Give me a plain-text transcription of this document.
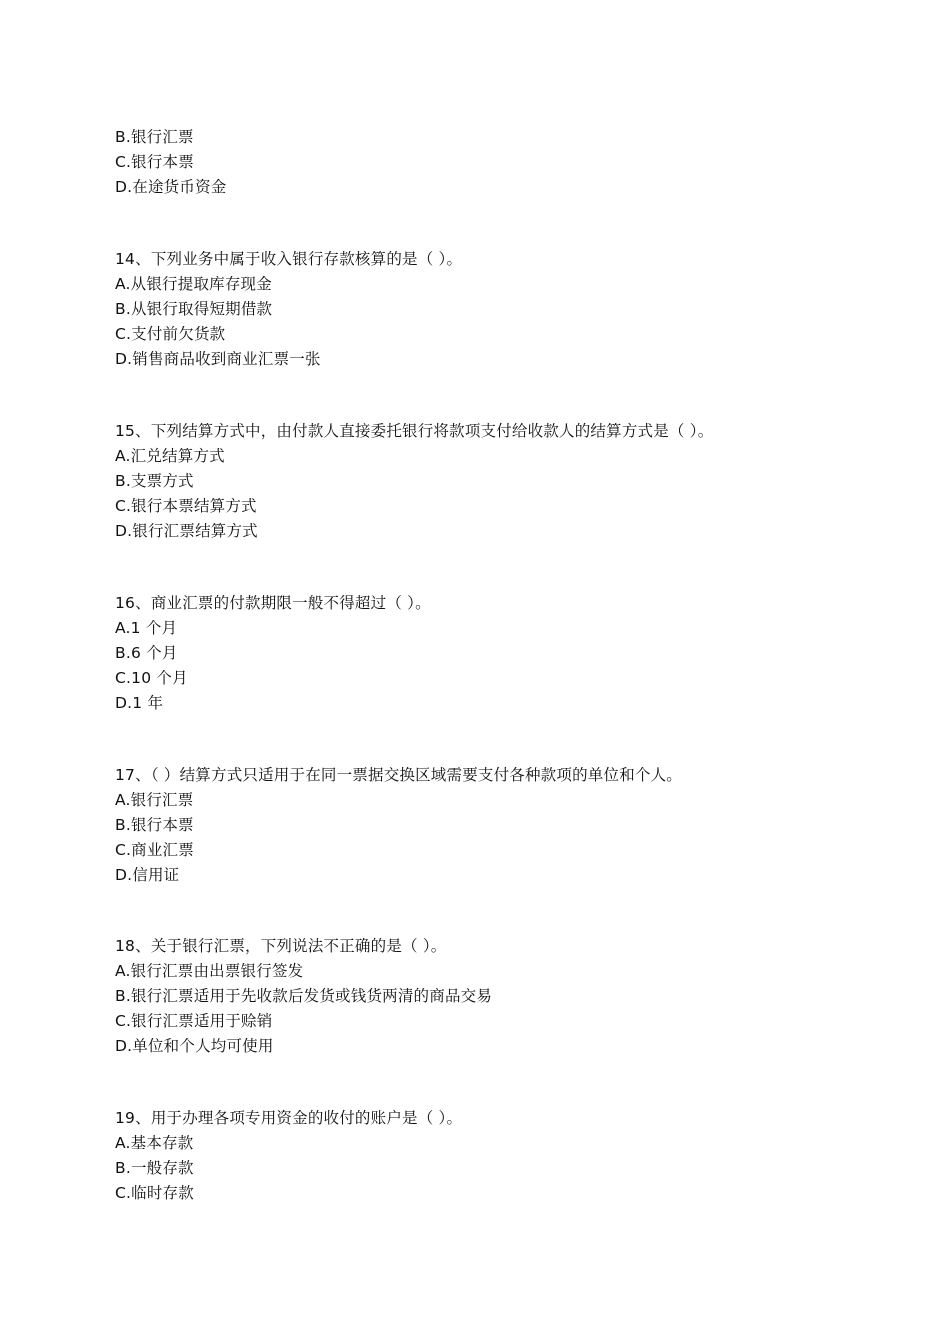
B.银行汇票
C.银行本票
D.在途货币资金
14、下列业务中属于收入银行存款核算的是（ ）。
A.从银行提取库存现金
B.从银行取得短期借款
C.支付前欠货款
D.销售商品收到商业汇票一张
15、下列结算方式中，由付款人直接委托银行将款项支付给收款人的结算方式是（ ）。
A.汇兑结算方式
B.支票方式
C.银行本票结算方式
D.银行汇票结算方式
16、商业汇票的付款期限一般不得超过（ ）。
A.1 个月
B.6 个月
C.10 个月
D.1 年
17、（ ）结算方式只适用于在同一票据交换区域需要支付各种款项的单位和个人。
A.银行汇票
B.银行本票
C.商业汇票
D.信用证
18、关于银行汇票，下列说法不正确的是（ ）。
A.银行汇票由出票银行签发
B.银行汇票适用于先收款后发货或钱货两清的商品交易
C.银行汇票适用于赊销
D.单位和个人均可使用
19、用于办理各项专用资金的收付的账户是（ ）。
A.基本存款
B.一般存款
C.临时存款
